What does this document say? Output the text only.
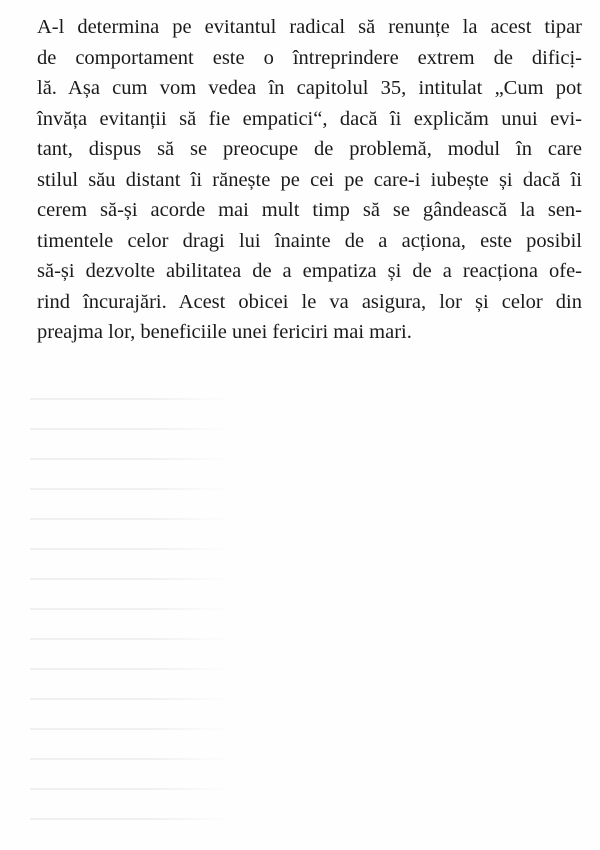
A-l determina pe evitantul radical să renunțe la acest tipar
de comportament este o întreprindere extrem de dificị-
lă. Așa cum vom vedea în capitolul 35, intitulat „Cum pot
învăța evitanții să fie empatici“, dacă îi explicăm unui evi-
tant, dispus să se preocupe de problemă, modul în care
stilul său distant îi rănește pe cei pe care-i iubește și dacă îi
cerem să-și acorde mai mult timp să se gândească la sen-
timentele celor dragi lui înainte de a acționa, este posibil
să-și dezvolte abilitatea de a empatiza și de a reacționa ofe-
rind încurajări. Acest obicei le va asigura, lor și celor din
preajma lor, beneficiile unei fericiri mai mari.
